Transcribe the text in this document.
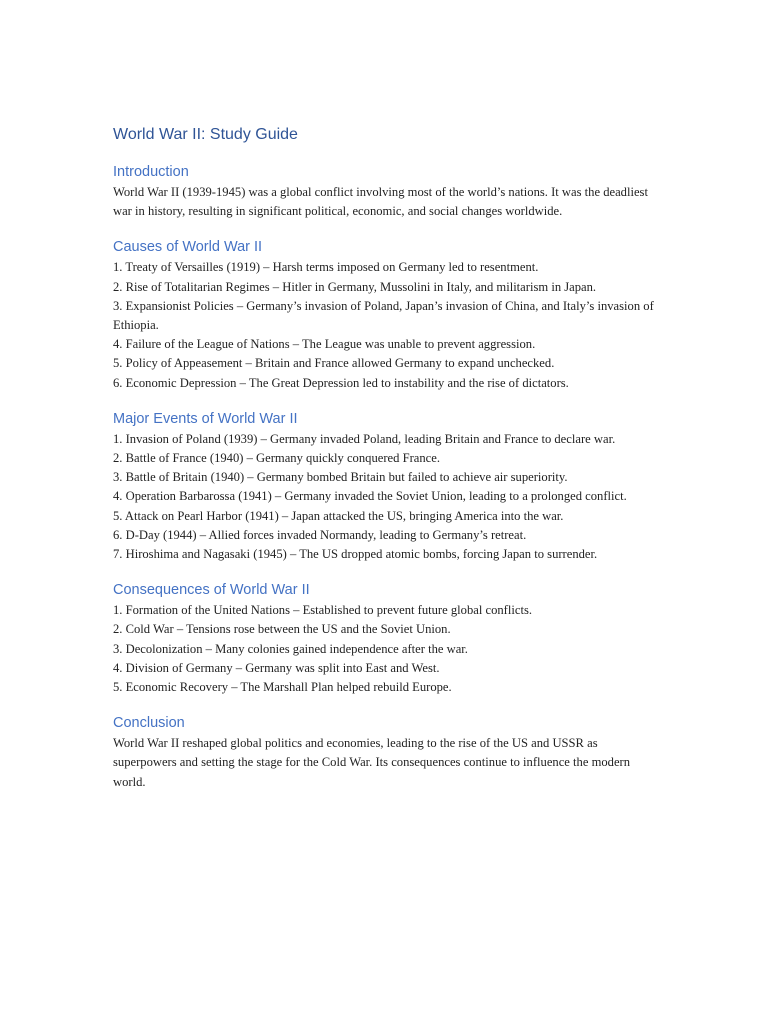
World War II: Study Guide
Introduction

World War II (1939-1945) was a global conflict involving most of the world’s nations. It was the deadliest war in history, resulting in significant political, economic, and social changes worldwide.

Causes of World War II
1. Treaty of Versailles (1919) – Harsh terms imposed on Germany led to resentment.
2. Rise of Totalitarian Regimes – Hitler in Germany, Mussolini in Italy, and militarism in Japan.
3. Expansionist Policies – Germany’s invasion of Poland, Japan’s invasion of China, and Italy’s invasion of Ethiopia.
4. Failure of the League of Nations – The League was unable to prevent aggression.
5. Policy of Appeasement – Britain and France allowed Germany to expand unchecked.
6. Economic Depression – The Great Depression led to instability and the rise of dictators.
Major Events of World War II
1. Invasion of Poland (1939) – Germany invaded Poland, leading Britain and France to declare war.
2. Battle of France (1940) – Germany quickly conquered France.
3. Battle of Britain (1940) – Germany bombed Britain but failed to achieve air superiority.
4. Operation Barbarossa (1941) – Germany invaded the Soviet Union, leading to a prolonged conflict.
5. Attack on Pearl Harbor (1941) – Japan attacked the US, bringing America into the war.
6. D-Day (1944) – Allied forces invaded Normandy, leading to Germany’s retreat.
7. Hiroshima and Nagasaki (1945) – The US dropped atomic bombs, forcing Japan to surrender.
Consequences of World War II
1. Formation of the United Nations – Established to prevent future global conflicts.
2. Cold War – Tensions rose between the US and the Soviet Union.
3. Decolonization – Many colonies gained independence after the war.
4. Division of Germany – Germany was split into East and West.
5. Economic Recovery – The Marshall Plan helped rebuild Europe.
Conclusion

World War II reshaped global politics and economies, leading to the rise of the US and USSR as superpowers and setting the stage for the Cold War. Its consequences continue to influence the modern world.
